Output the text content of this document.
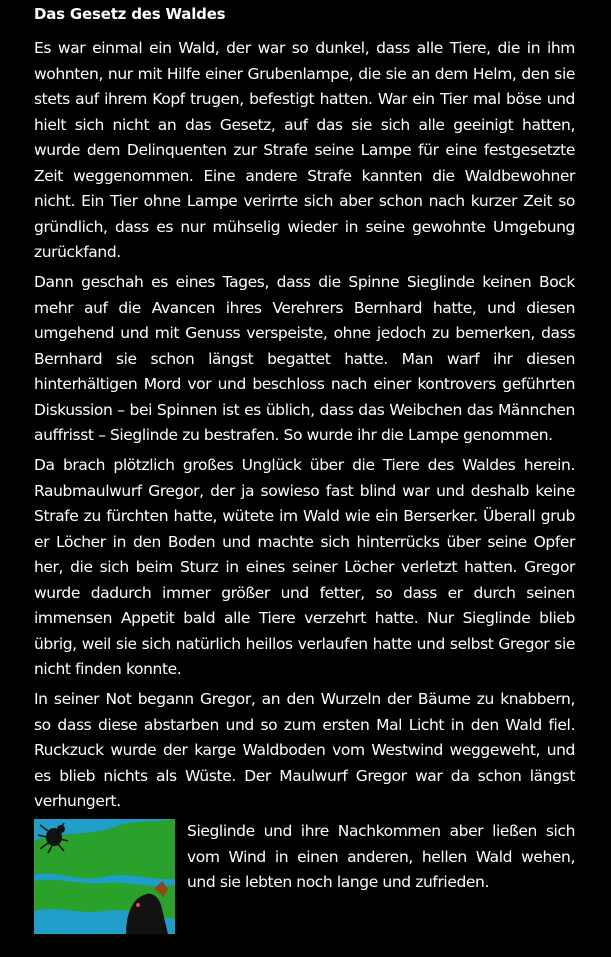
Das Gesetz des Waldes

Es war einmal ein Wald, der war so dunkel, dass alle Tiere, die in ihm wohnten, nur mit Hilfe einer Grubenlampe, die sie an dem Helm, den sie stets auf ihrem Kopf trugen, befestigt hatten. War ein Tier mal böse und hielt sich nicht an das Gesetz, auf das sie sich alle geeinigt hatten, wurde dem Delinquenten zur Strafe seine Lampe für eine festgesetzte Zeit weggenommen. Eine andere Strafe kannten die Waldbewohner nicht. Ein Tier ohne Lampe verirrte sich aber schon nach kurzer Zeit so gründlich, dass es nur mühselig wieder in seine gewohnte Umgebung zurückfand.

Dann geschah es eines Tages, dass die Spinne Sieglinde keinen Bock mehr auf die Avancen ihres Verehrers Bernhard hatte, und diesen umgehend und mit Genuss verspeiste, ohne jedoch zu bemerken, dass Bernhard sie schon längst begattet hatte. Man warf ihr diesen hinterhältigen Mord vor und beschloss nach einer kontrovers geführten Diskussion – bei Spinnen ist es üblich, dass das Weibchen das Männchen auffrisst – Sieglinde zu bestrafen. So wurde ihr die Lampe genommen.

Da brach plötzlich großes Unglück über die Tiere des Waldes herein. Raubmaulwurf Gregor, der ja sowieso fast blind war und deshalb keine Strafe zu fürchten hatte, wütete im Wald wie ein Berserker. Überall grub er Löcher in den Boden und machte sich hinterrücks über seine Opfer her, die sich beim Sturz in eines seiner Löcher verletzt hatten. Gregor wurde dadurch immer größer und fetter, so dass er durch seinen immensen Appetit bald alle Tiere verzehrt hatte. Nur Sieglinde blieb übrig, weil sie sich natürlich heillos verlaufen hatte und selbst Gregor sie nicht finden konnte.

In seiner Not begann Gregor, an den Wurzeln der Bäume zu knabbern, so dass diese abstarben und so zum ersten Mal Licht in den Wald fiel. Ruckzuck wurde der karge Waldboden vom Westwind weggeweht, und es blieb nichts als Wüste. Der Maulwurf Gregor war da schon längst verhungert.

Sieglinde und ihre Nachkommen aber ließen sich vom Wind in einen anderen, hellen Wald wehen, und sie lebten noch lange und zufrieden.
